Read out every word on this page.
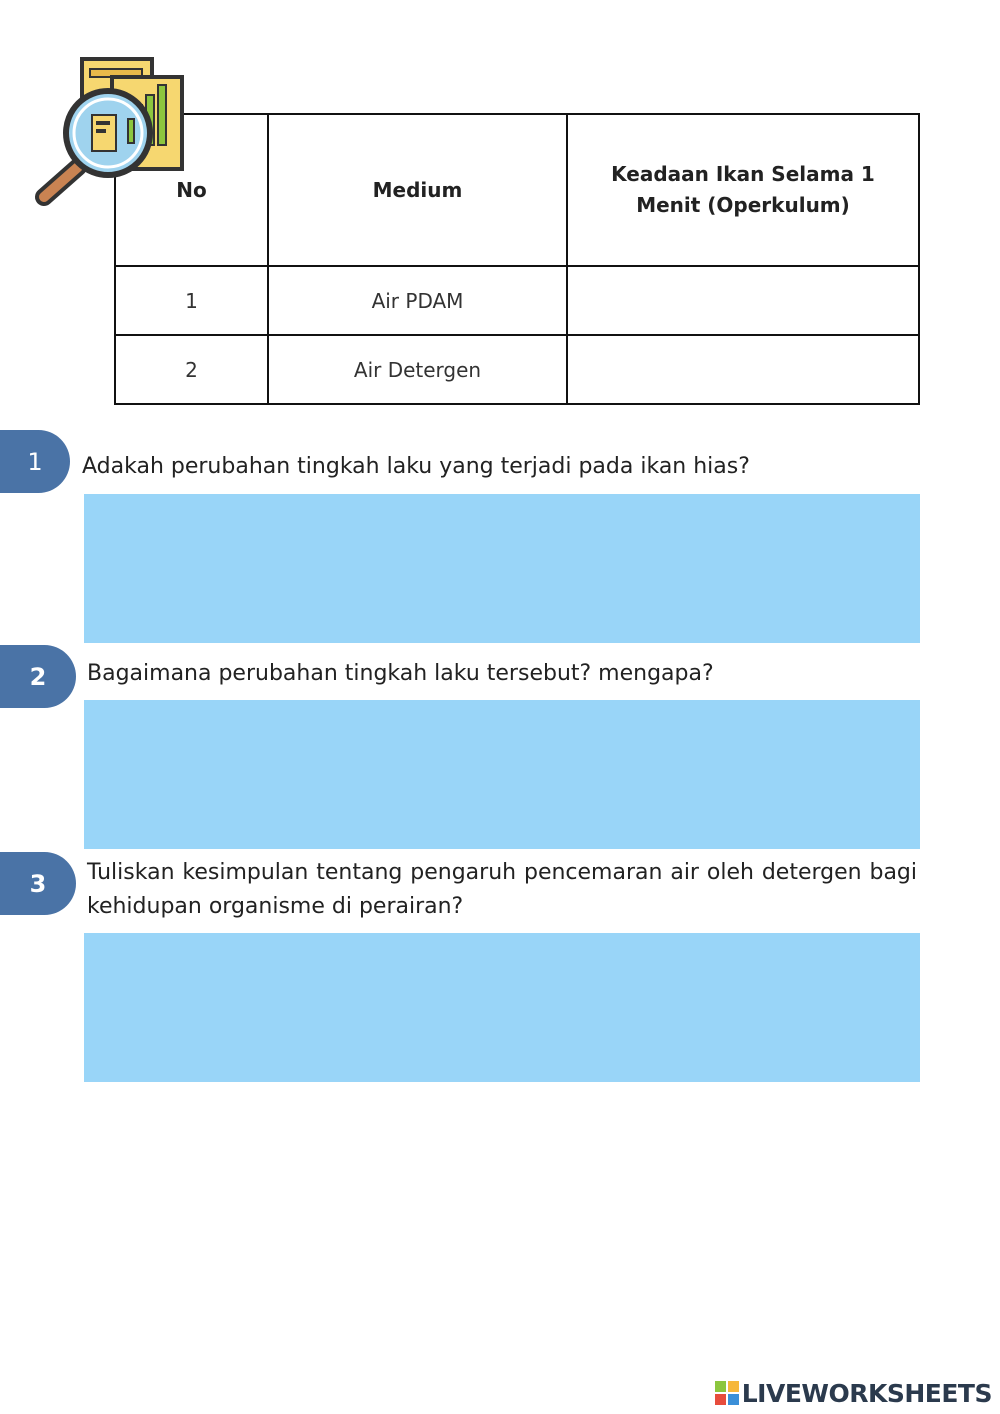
No	Medium	Keadaan Ikan Selama 1 Menit (Operkulum)
1	Air PDAM	
2	Air Detergen	
1 Adakah perubahan tingkah laku yang terjadi pada ikan hias?
2 Bagaimana perubahan tingkah laku tersebut? mengapa?
3 Tuliskan kesimpulan tentang pengaruh pencemaran air oleh detergen bagi kehidupan organisme di perairan?
LIVEWORKSHEETS
